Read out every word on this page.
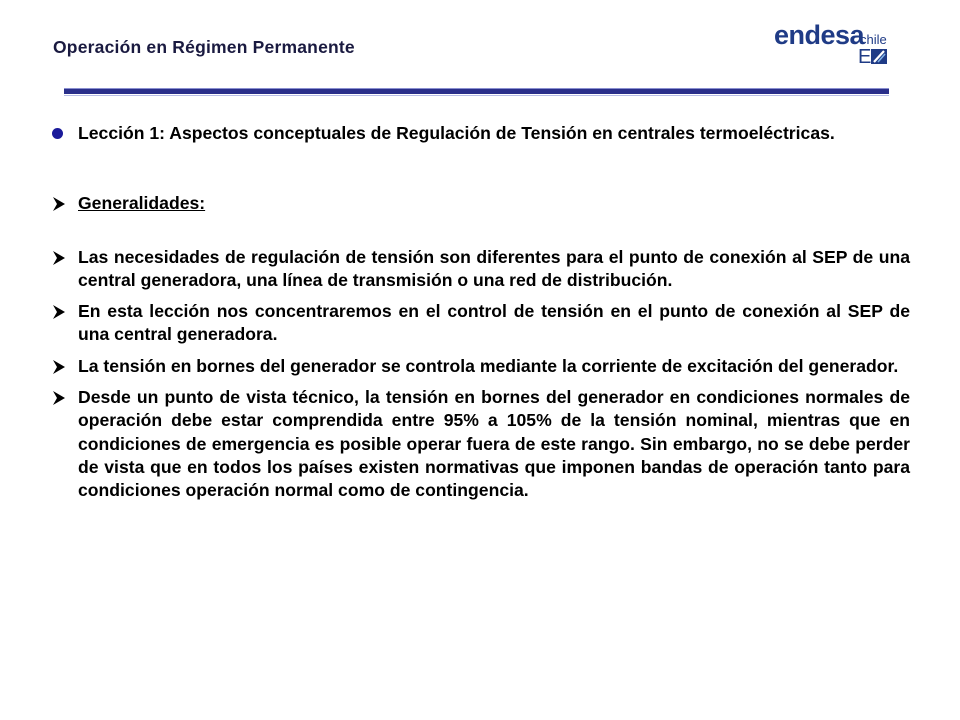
Operación en Régimen Permanente	endesa
chile
E
Lección 1: Aspectos conceptuales de Regulación de Tensión en centrales termoeléctricas.
Generalidades:
Las necesidades de regulación de tensión son diferentes para el punto de conexión al SEP de una central generadora, una línea de transmisión o una red de distribución.
En esta lección nos concentraremos en el control de tensión en el punto de conexión al SEP de una central generadora.
La tensión en bornes del generador se controla mediante la corriente de excitación del generador.
Desde un punto de vista técnico, la tensión en bornes del generador en condiciones normales de operación debe estar comprendida entre 95% a 105% de la tensión nominal, mientras que en condiciones de emergencia es posible operar fuera de este rango. Sin embargo, no se debe perder de vista que en todos los países existen normativas que imponen bandas de operación tanto para condiciones operación normal como de contingencia.
